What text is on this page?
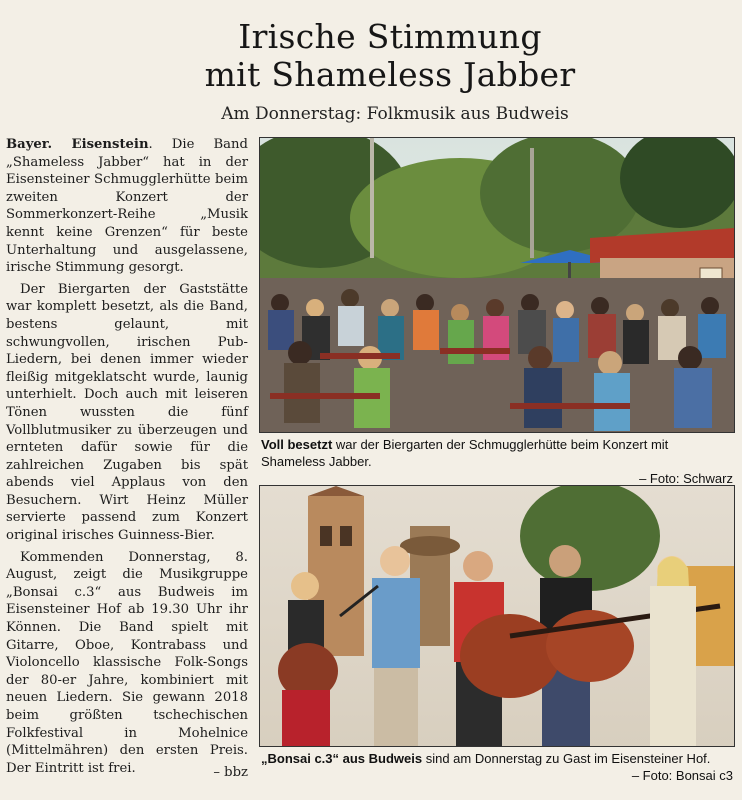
Irische Stimmung
mit Shameless Jabber
Am Donnerstag: Folkmusik aus Budweis

Bayer. Eisenstein. Die Band „Shameless Jabber“ hat in der Eisensteiner Schmugglerhütte beim zweiten Konzert der Sommerkonzert-Reihe „Musik kennt keine Grenzen“ für beste Unterhaltung und ausgelassene, irische Stimmung gesorgt.

Der Biergarten der Gaststätte war komplett besetzt, als die Band, bestens gelaunt, mit schwungvollen, irischen Pub-Liedern, bei denen immer wieder fleißig mitgeklatscht wurde, launig unterhielt. Doch auch mit leiseren Tönen wussten die fünf Vollblutmusiker zu überzeugen und ernteten dafür sowie für die zahlreichen Zugaben bis spät abends viel Applaus von den Besuchern. Wirt Heinz Müller servierte passend zum Konzert original irisches Guinness-Bier.

Kommenden Donnerstag, 8. August, zeigt die Musikgruppe „Bonsai c.3“ aus Budweis im Eisensteiner Hof ab 19.30 Uhr ihr Können. Die Band spielt mit Gitarre, Oboe, Kontrabass und Violoncello klassische Folk-Songs der 80-er Jahre, kombiniert mit neuen Liedern. Sie gewann 2018 beim größten tschechischen Folkfestival in Mohelnice (Mittelmähren) den ersten Preis. Der Eintritt ist frei.	– bbz
Voll besetzt war der Biergarten der Schmugglerhütte beim Konzert mit Shameless Jabber.
– Foto: Schwarz
„Bonsai c.3“ aus Budweis sind am Donnerstag zu Gast im Eisensteiner Hof.
– Foto: Bonsai c3
